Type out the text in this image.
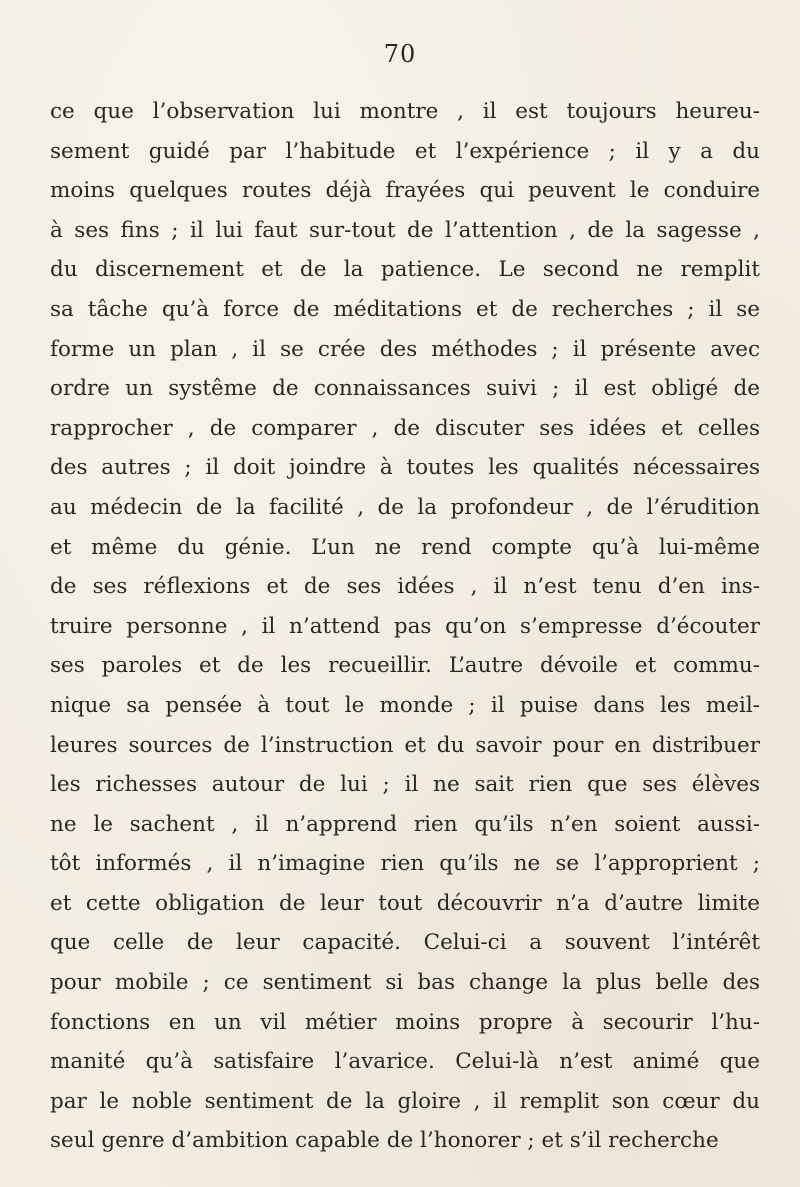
70
ce que l’observation lui montre , il est toujours heureu-
sement guidé par l’habitude et l’expérience ; il y a du
moins quelques routes déjà frayées qui peuvent le conduire
à ses fins ; il lui faut sur-tout de l’attention , de la sagesse ,
du discernement et de la patience. Le second ne remplit
sa tâche qu’à force de méditations et de recherches ; il se
forme un plan , il se crée des méthodes ; il présente avec
ordre un systême de connaissances suivi ; il est obligé de
rapprocher , de comparer , de discuter ses idées et celles
des autres ; il doit joindre à toutes les qualités nécessaires
au médecin de la facilité , de la profondeur , de l’érudition
et même du génie. L’un ne rend compte qu’à lui-même
de ses réflexions et de ses idées , il n’est tenu d’en ins-
truire personne , il n’attend pas qu’on s’empresse d’écouter
ses paroles et de les recueillir. L’autre dévoile et commu-
nique sa pensée à tout le monde ; il puise dans les meil-
leures sources de l’instruction et du savoir pour en distribuer
les richesses autour de lui ; il ne sait rien que ses élèves
ne le sachent , il n’apprend rien qu’ils n’en soient aussi-
tôt informés , il n’imagine rien qu’ils ne se l’approprient ;
et cette obligation de leur tout découvrir n’a d’autre limite
que celle de leur capacité. Celui-ci a souvent l’intérêt
pour mobile ; ce sentiment si bas change la plus belle des
fonctions en un vil métier moins propre à secourir l’hu-
manité qu’à satisfaire l’avarice. Celui-là n’est animé que
par le noble sentiment de la gloire , il remplit son cœur du
seul genre d’ambition capable de l’honorer ; et s’il recherche
